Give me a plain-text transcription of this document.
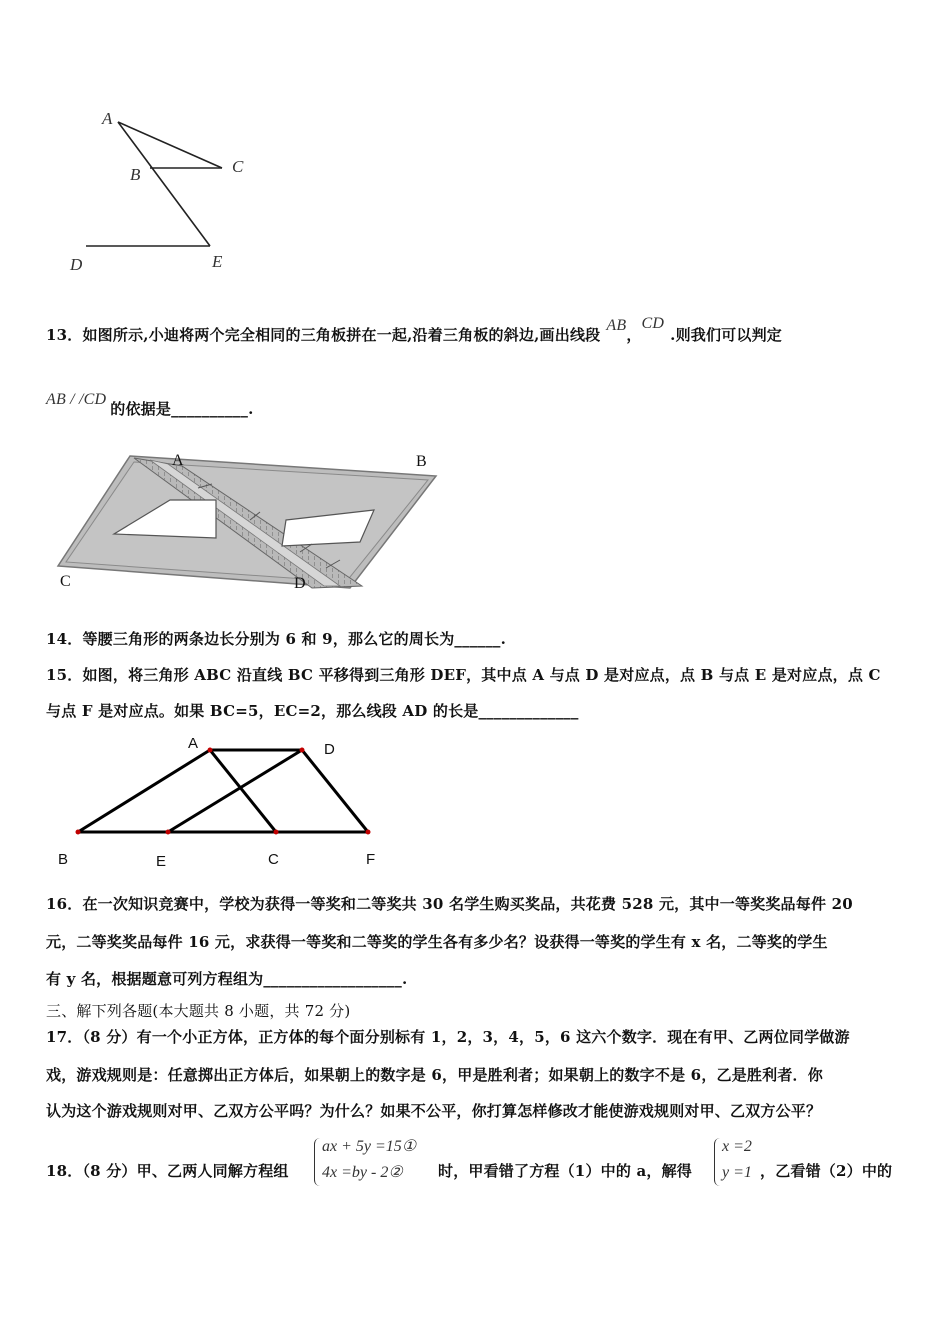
A
C
B
D	E
13．如图所示,小迪将两个完全相同的三角板拼在一起,沿着三角板的斜边,画出线段AB，CD.则我们可以判定
AB / /CD的依据是__________.
A	B
C	D
14．等腰三角形的两条边长分别为 6 和 9，那么它的周长为______.
15．如图，将三角形 ABC 沿直线 BC 平移得到三角形 DEF，其中点 A 与点 D 是对应点，点 B 与点 E 是对应点，点 C
与点 F 是对应点。如果 BC=5，EC=2，那么线段 AD 的长是_____________
A	D
B	E	C	F
16．在一次知识竞赛中，学校为获得一等奖和二等奖共 30 名学生购买奖品，共花费 528 元，其中一等奖奖品每件 20
元，二等奖奖品每件 16 元，求获得一等奖和二等奖的学生各有多少名？设获得一等奖的学生有 x 名，二等奖的学生
有 y 名，根据题意可列方程组为__________________.
三、解下列各题(本大题共 8 小题，共 72 分)
17．（8 分）有一个小正方体，正方体的每个面分别标有 1，2，3，4，5，6 这六个数字．现在有甲、乙两位同学做游
戏，游戏规则是：任意掷出正方体后，如果朝上的数字是 6，甲是胜利者；如果朝上的数字不是 6，乙是胜利者．你
认为这个游戏规则对甲、乙双方公平吗？为什么？如果不公平，你打算怎样修改才能使游戏规则对甲、乙双方公平？
18．（8 分）甲、乙两人同解方程组
ax + 5y =15①
4x =by - 2② 时，甲看错了方程（1）中的 a，解得
x =2
y =1 ，乙看错（2）中的
